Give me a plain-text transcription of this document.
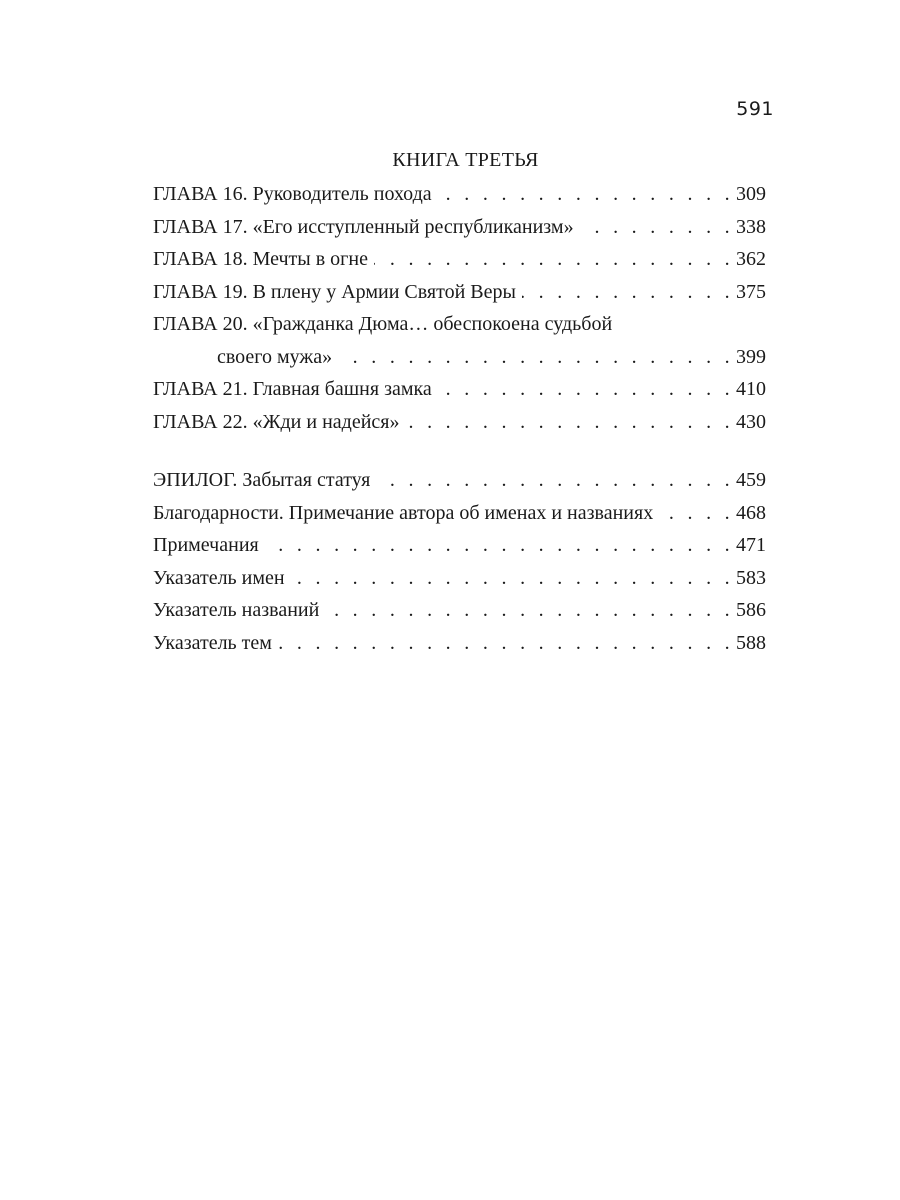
591
КНИГА ТРЕТЬЯ
ГЛАВА 16. Руководитель похода . . .	309
ГЛАВА 17. «Его исступленный республиканизм» . . .	338
ГЛАВА 18. Мечты в огне . . .	362
ГЛАВА 19. В плену у Армии Святой Веры . . .	375
ГЛАВА 20. «Гражданка Дюма… обеспокоена судьбой
своего мужа» . . .	399
ГЛАВА 21. Главная башня замка . . .	410
ГЛАВА 22. «Жди и надейся» . . .	430
ЭПИЛОГ. Забытая статуя . . .	459
Благодарности. Примечание автора об именах и названиях . . .	468
Примечания . . .	471
Указатель имен . . .	583
Указатель названий . . .	586
Указатель тем . . .	588
